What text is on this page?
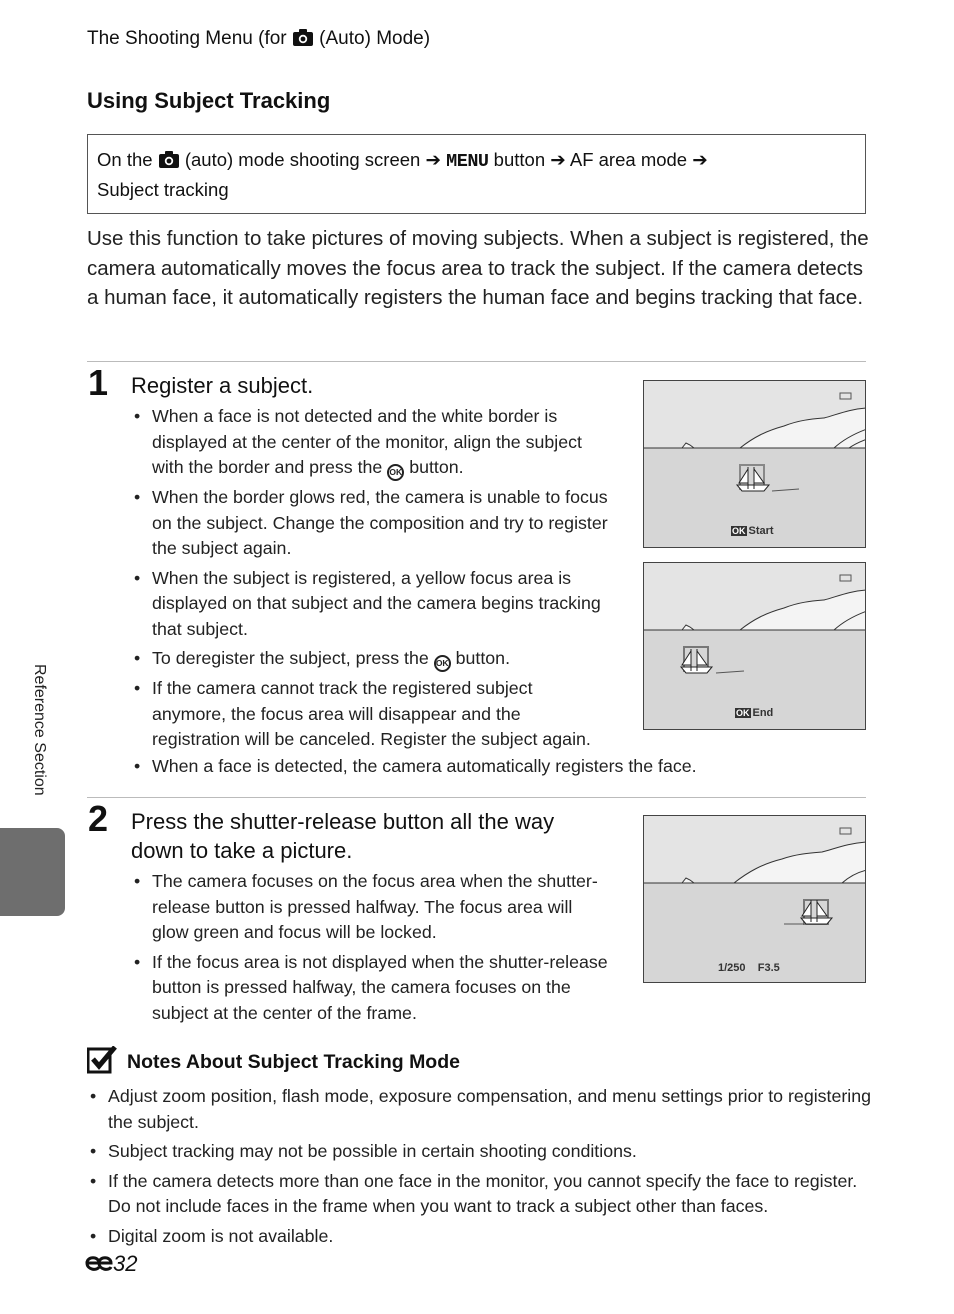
The Shooting Menu (for  (Auto) Mode)
Using Subject Tracking
On the  (auto) mode shooting screen ➔ MENU button ➔ AF area mode ➔
Subject tracking
Use this function to take pictures of moving subjects. When a subject is registered, the camera automatically moves the focus area to track the subject. If the camera detects a human face, it automatically registers the human face and begins tracking that face.
1 Register a subject.
• When a face is not detected and the white border is displayed at the center of the monitor, align the subject with the border and press the OK button.
• When the border glows red, the camera is unable to focus on the subject. Change the composition and try to register the subject again.
• When the subject is registered, a yellow focus area is displayed on that subject and the camera begins tracking that subject.
• To deregister the subject, press the OK button.
• If the camera cannot track the registered subject anymore, the focus area will disappear and the registration will be canceled. Register the subject again.
• When a face is detected, the camera automatically registers the face.
OK Start
OK End
2 Press the shutter-release button all the way down to take a picture.
• The camera focuses on the focus area when the shutter-release button is pressed halfway. The focus area will glow green and focus will be locked.
• If the focus area is not displayed when the shutter-release button is pressed halfway, the camera focuses on the subject at the center of the frame.
1/250 F3.5
Notes About Subject Tracking Mode
• Adjust zoom position, flash mode, exposure compensation, and menu settings prior to registering the subject.
• Subject tracking may not be possible in certain shooting conditions.
• If the camera detects more than one face in the monitor, you cannot specify the face to register. Do not include faces in the frame when you want to track a subject other than faces.
• Digital zoom is not available.
Reference Section
32
